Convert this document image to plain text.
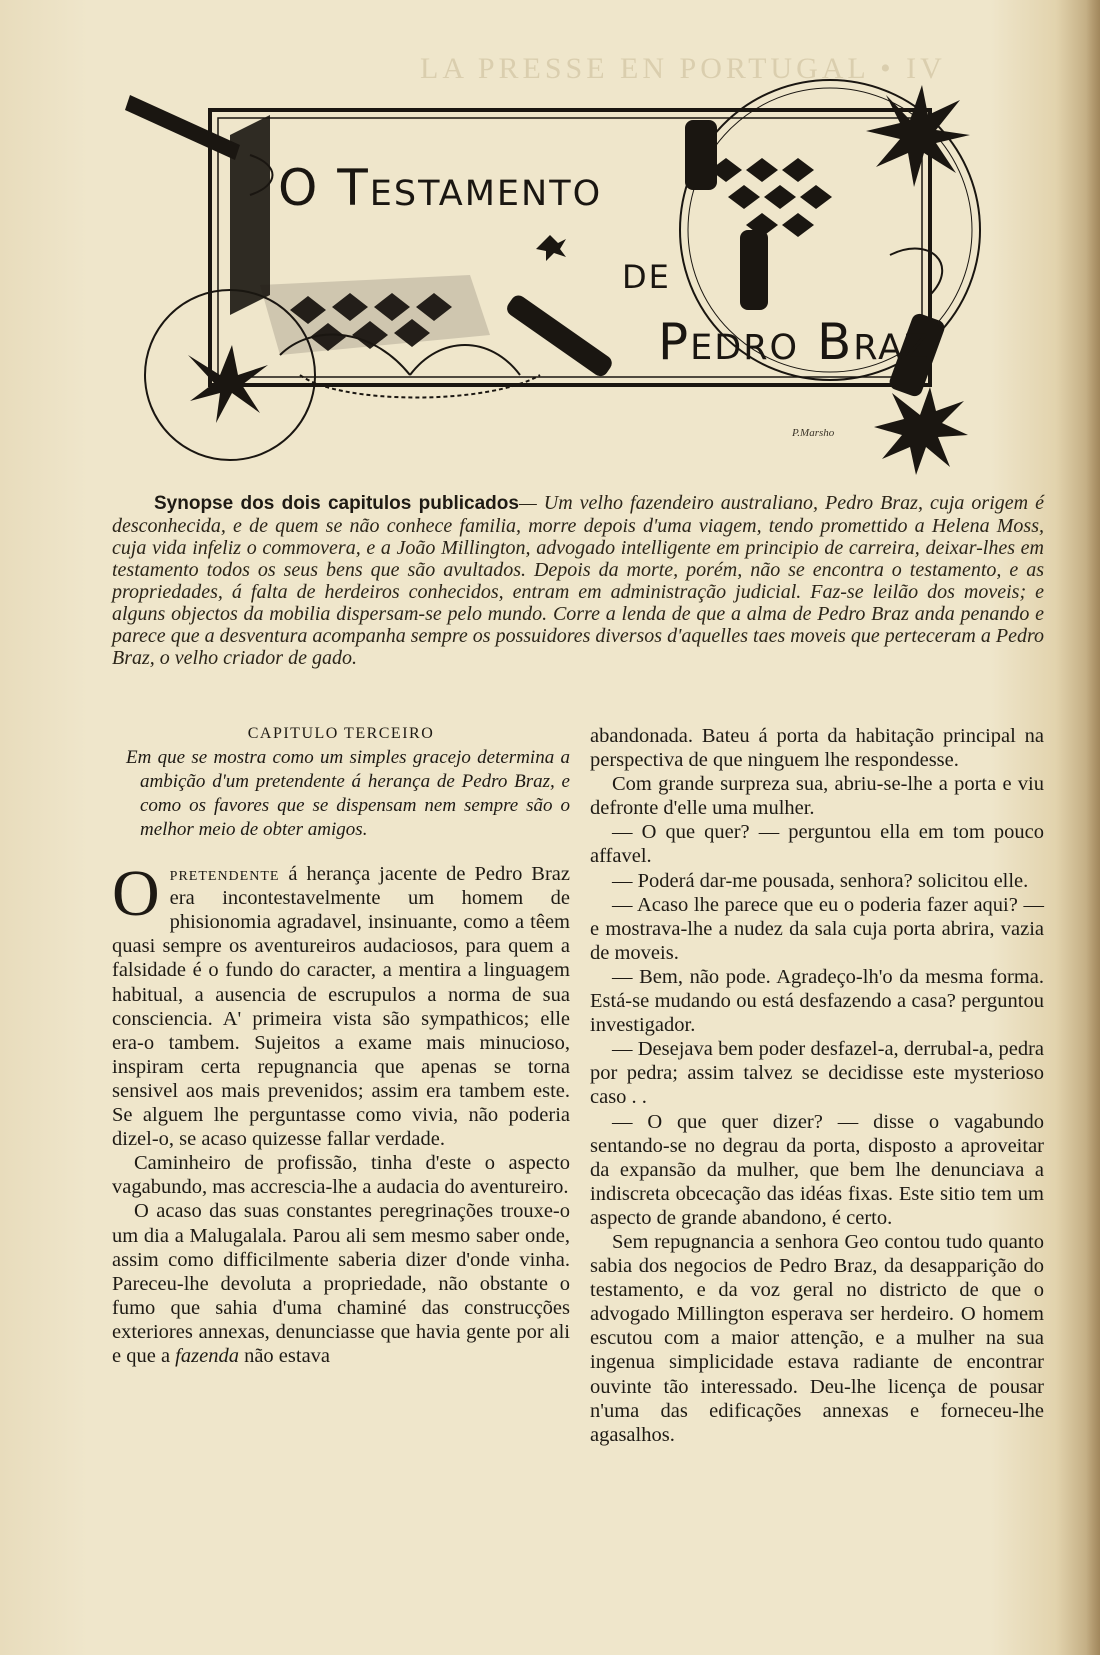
LA PRESSE EN PORTUGAL • IV
O Testamento
de
Pedro Braz
P.Marsho
Synopse dos dois capitulos publicados— Um velho fazendeiro australiano, Pedro Braz, cuja origem é desconhecida, e de quem se não conhece familia, morre depois d'uma viagem, tendo promettido a Helena Moss, cuja vida infeliz o commovera, e a João Millington, advogado intelligente em principio de carreira, deixar-lhes em testamento todos os seus bens que são avultados. Depois da morte, porém, não se encontra o testamento, e as propriedades, á falta de herdeiros conhecidos, entram em administração judicial. Faz-se leilão dos moveis; e alguns objectos da mobilia dispersam-se pelo mundo. Corre a lenda de que a alma de Pedro Braz anda penando e parece que a desventura acompanha sempre os possuidores diversos d'aquelles taes moveis que perteceram a Pedro Braz, o velho criador de gado.

CAPITULO TERCEIRO

Em que se mostra como um simples gracejo determina a ambição d'um pretendente á herança de Pedro Braz, e como os favores que se dispensam nem sempre são o melhor meio de obter amigos.

Opretendente á herança jacente de Pedro Braz era incontestavelmente um homem de phisionomia agradavel, insinuante, como a têem quasi sempre os aventureiros audaciosos, para quem a falsidade é o fundo do caracter, a mentira a linguagem habitual, a ausencia de escrupulos a norma de sua consciencia. A' primeira vista são sympathicos; elle era-o tambem. Sujeitos a exame mais minucioso, inspiram certa repugnancia que apenas se torna sensivel aos mais prevenidos; assim era tambem este. Se alguem lhe perguntasse como vivia, não poderia dizel-o, se acaso quizesse fallar verdade.

Caminheiro de profissão, tinha d'este o aspecto vagabundo, mas accrescia-lhe a audacia do aventureiro.

O acaso das suas constantes peregrinações trouxe-o um dia a Malugalala. Parou ali sem mesmo saber onde, assim como difficilmente saberia dizer d'onde vinha. Pareceu-lhe devoluta a propriedade, não obstante o fumo que sahia d'uma chaminé das construcções exteriores annexas, denunciasse que havia gente por ali e que a fazenda não estava

abandonada. Bateu á porta da habitação principal na perspectiva de que ninguem lhe respondesse.

Com grande surpreza sua, abriu-se-lhe a porta e viu defronte d'elle uma mulher.

— O que quer? — perguntou ella em tom pouco affavel.

— Poderá dar-me pousada, senhora? solicitou elle.

— Acaso lhe parece que eu o poderia fazer aqui? — e mostrava-lhe a nudez da sala cuja porta abrira, vazia de moveis.

— Bem, não pode. Agradeço-lh'o da mesma forma. Está-se mudando ou está desfazendo a casa? perguntou investigador.

— Desejava bem poder desfazel-a, derrubal-a, pedra por pedra; assim talvez se decidisse este mysterioso caso . .

— O que quer dizer? — disse o vagabundo sentando-se no degrau da porta, disposto a aproveitar da expansão da mulher, que bem lhe denunciava a indiscreta obcecação das idéas fixas. Este sitio tem um aspecto de grande abandono, é certo.

Sem repugnancia a senhora Geo contou tudo quanto sabia dos negocios de Pedro Braz, da desapparição do testamento, e da voz geral no districto de que o advogado Millington esperava ser herdeiro. O homem escutou com a maior attenção, e a mulher na sua ingenua simplicidade estava radiante de encontrar ouvinte tão interessado. Deu-lhe licença de pousar n'uma das edificações annexas e forneceu-lhe agasalhos.
